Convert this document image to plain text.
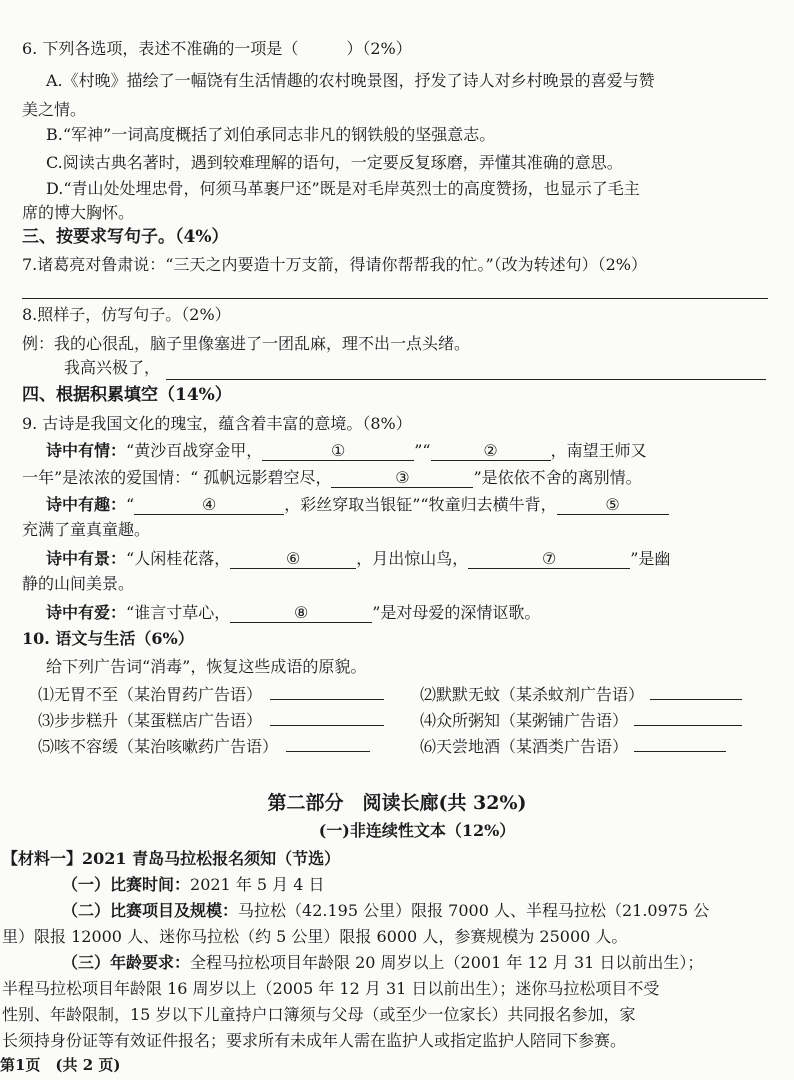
6. 下列各选项，表述不准确的一项是（　　　）（2%）
A.《村晚》描绘了一幅饶有生活情趣的农村晚景图，抒发了诗人对乡村晚景的喜爱与赞
美之情。
B.“军神”一词高度概括了刘伯承同志非凡的钢铁般的坚强意志。
C.阅读古典名著时，遇到较难理解的语句，一定要反复琢磨，弄懂其准确的意思。
D.“青山处处埋忠骨，何须马革裹尸还”既是对毛岸英烈士的高度赞扬，也显示了毛主
席的博大胸怀。
三、按要求写句子。（4%）
7.诸葛亮对鲁肃说：“三天之内要造十万支箭，得请你帮帮我的忙。”（改为转述句）（2%）
8.照样子，仿写句子。（2%）
例：我的心很乱，脑子里像塞进了一团乱麻，理不出一点头绪。
我高兴极了，
四、根据积累填空（14%）
9. 古诗是我国文化的瑰宝，蕴含着丰富的意境。（8%）
诗中有情：“黄沙百战穿金甲，	①	”“	②	，南望王师又
一年”是浓浓的爱国情：“ 孤帆远影碧空尽，	③	”是依依不舍的离别情。
诗中有趣：“	④	，彩丝穿取当银钲”“牧童归去横牛背，	⑤
充满了童真童趣。
诗中有景：“人闲桂花落，	⑥	，月出惊山鸟，	⑦	”是幽
静的山间美景。
诗中有爱：“谁言寸草心，	⑧	”是对母爱的深情讴歌。
10. 语文与生活（6%）
给下列广告词“消毒”，恢复这些成语的原貌。
⑴无胃不至（某治胃药广告语）	⑵默默无蚊（某杀蚊剂广告语）
⑶步步糕升（某蛋糕店广告语）	⑷众所粥知（某粥铺广告语）
⑸咳不容缓（某治咳嗽药广告语）	⑹天尝地酒（某酒类广告语）
第二部分　阅读长廊(共 32%)
(一)非连续性文本（12%）
【材料一】2021 青岛马拉松报名须知（节选）
（一）比赛时间：2021 年 5 月 4 日
（二）比赛项目及规模：马拉松（42.195 公里）限报 7000 人、半程马拉松（21.0975 公
里）限报 12000 人、迷你马拉松（约 5 公里）限报 6000 人，参赛规模为 25000 人。
（三）年龄要求：全程马拉松项目年龄限 20 周岁以上（2001 年 12 月 31 日以前出生）；
半程马拉松项目年龄限 16 周岁以上（2005 年 12 月 31 日以前出生）；迷你马拉松项目不受
性别、年龄限制，15 岁以下儿童持户口簿须与父母（或至少一位家长）共同报名参加，家
长须持身份证等有效证件报名；要求所有未成年人需在监护人或指定监护人陪同下参赛。
第1页　(共 2 页)
